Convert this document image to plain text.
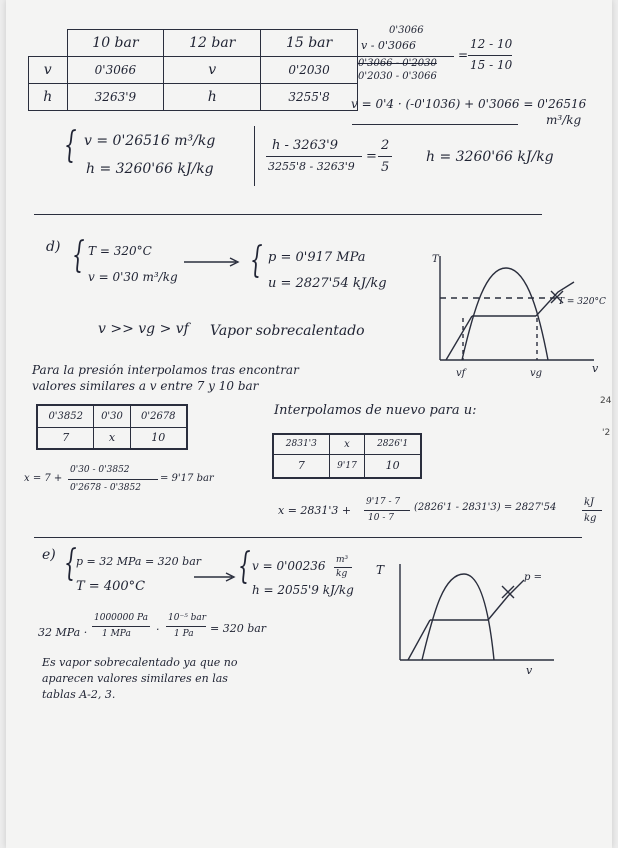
	10 bar	12 bar	15 bar
v	0'3066	v	0'2030
h	3263'9	h	3255'8
0'3066
v - 0'3066
0'3066 - 0'2030
0'2030 - 0'3066
=
12 - 10
15 - 10
v = 0'4 · (-0'1036) + 0'3066 = 0'26516
m³/kg
{ v = 0'26516 m³/kg
h = 3260'66 kJ/kg
h - 3263'9
3255'8 - 3263'9
=
2
5
h = 3260'66 kJ/kg
d) { T = 320°C
v = 0'30 m³/kg { p = 0'917 MPa
u = 2827'54 kJ/kg
v >> vg > vf Vapor sobrecalentado
T
v
vf	vg
T = 320°C
Para la presión interpolamos tras encontrar
valores similares a v entre 7 y 10 bar
0'3852	0'30	0'2678
7	x	10
x = 7 +
0'30 - 0'3852
0'2678 - 0'3852
= 9'17 bar
Interpolamos de nuevo para u:
2831'3	x	2826'1
7	9'17	10
x = 2831'3 +
9'17 - 7
10 - 7
(2826'1 - 2831'3) = 2827'54	kJ
kg
e) { p = 32 MPa = 320 bar
T = 400°C	{ v = 0'00236 m³
kg
h = 2055'9 kJ/kg
T
v
p =
32 MPa ·
1000000 Pa
1 MPa ·
10⁻⁵ bar
1 Pa = 320 bar
Es vapor sobrecalentado ya que no
aparecen valores similares en las
tablas A-2, 3.
24
'2
